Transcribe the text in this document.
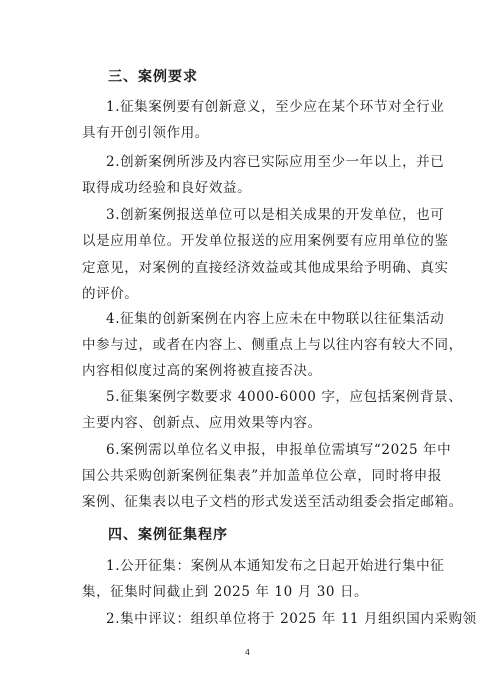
三、案例要求
1.征集案例要有创新意义，至少应在某个环节对全行业
具有开创引领作用。
2.创新案例所涉及内容已实际应用至少一年以上，并已
取得成功经验和良好效益。
3.创新案例报送单位可以是相关成果的开发单位，也可
以是应用单位。开发单位报送的应用案例要有应用单位的鉴
定意见，对案例的直接经济效益或其他成果给予明确、真实
的评价。
4.征集的创新案例在内容上应未在中物联以往征集活动
中参与过，或者在内容上、侧重点上与以往内容有较大不同，
内容相似度过高的案例将被直接否决。
5.征集案例字数要求 4000-6000 字，应包括案例背景、
主要内容、创新点、应用效果等内容。
6.案例需以单位名义申报，申报单位需填写“2025 年中
国公共采购创新案例征集表”并加盖单位公章，同时将申报
案例、征集表以电子文档的形式发送至活动组委会指定邮箱。
四、案例征集程序
1.公开征集：案例从本通知发布之日起开始进行集中征
集，征集时间截止到 2025 年 10 月 30 日。
2.集中评议：组织单位将于 2025 年 11 月组织国内采购领
4
